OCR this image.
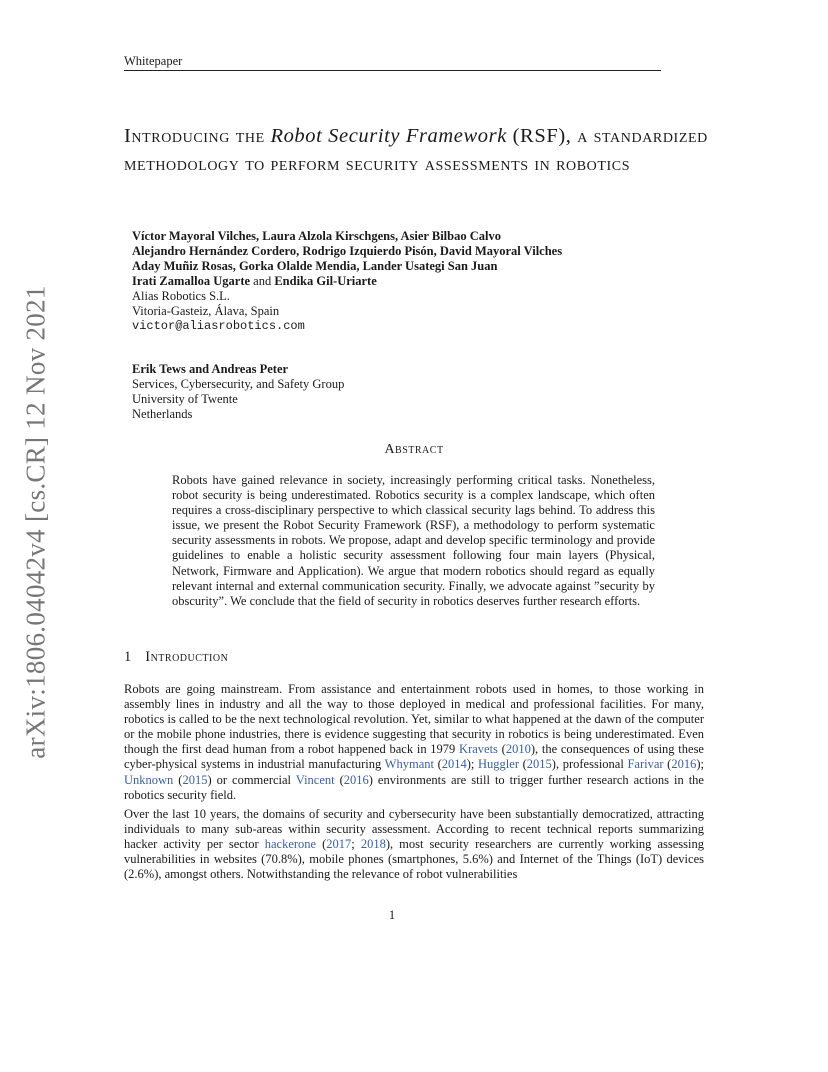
Whitepaper
arXiv:1806.04042v4 [cs.CR] 12 Nov 2021
Introducing the Robot Security Framework (RSF), a standardized methodology to perform security assessments in robotics
Víctor Mayoral Vilches, Laura Alzola Kirschgens, Asier Bilbao Calvo
Alejandro Hernández Cordero, Rodrigo Izquierdo Pisón, David Mayoral Vilches
Aday Muñiz Rosas, Gorka Olalde Mendia, Lander Usategi San Juan
Irati Zamalloa Ugarte and Endika Gil-Uriarte
Alias Robotics S.L.
Vitoria-Gasteiz, Álava, Spain
victor@aliasrobotics.com
Erik Tews and Andreas Peter
Services, Cybersecurity, and Safety Group
University of Twente
Netherlands
Abstract
Robots have gained relevance in society, increasingly performing critical tasks. Nonetheless, robot security is being underestimated. Robotics security is a complex landscape, which often requires a cross-disciplinary perspective to which classical security lags behind. To address this issue, we present the Robot Security Framework (RSF), a methodology to perform systematic security assessments in robots. We propose, adapt and develop specific terminology and provide guidelines to enable a holistic security assessment following four main layers (Physical, Network, Firmware and Application). We argue that modern robotics should regard as equally relevant internal and external communication security. Finally, we advocate against ”security by obscurity”. We conclude that the field of security in robotics deserves further research efforts.
1 Introduction

Robots are going mainstream. From assistance and entertainment robots used in homes, to those working in assembly lines in industry and all the way to those deployed in medical and professional facilities. For many, robotics is called to be the next technological revolution. Yet, similar to what happened at the dawn of the computer or the mobile phone industries, there is evidence suggesting that security in robotics is being underestimated. Even though the first dead human from a robot happened back in 1979 Kravets (2010), the consequences of using these cyber-physical systems in industrial manufacturing Whymant (2014); Huggler (2015), professional Farivar (2016); Unknown (2015) or commercial Vincent (2016) environments are still to trigger further research actions in the robotics security field.

Over the last 10 years, the domains of security and cybersecurity have been substantially democratized, attracting individuals to many sub-areas within security assessment. According to recent technical reports summarizing hacker activity per sector hackerone (2017; 2018), most security researchers are currently working assessing vulnerabilities in websites (70.8%), mobile phones (smartphones, 5.6%) and Internet of the Things (IoT) devices (2.6%), amongst others. Notwithstanding the relevance of robot vulnerabilities

1
